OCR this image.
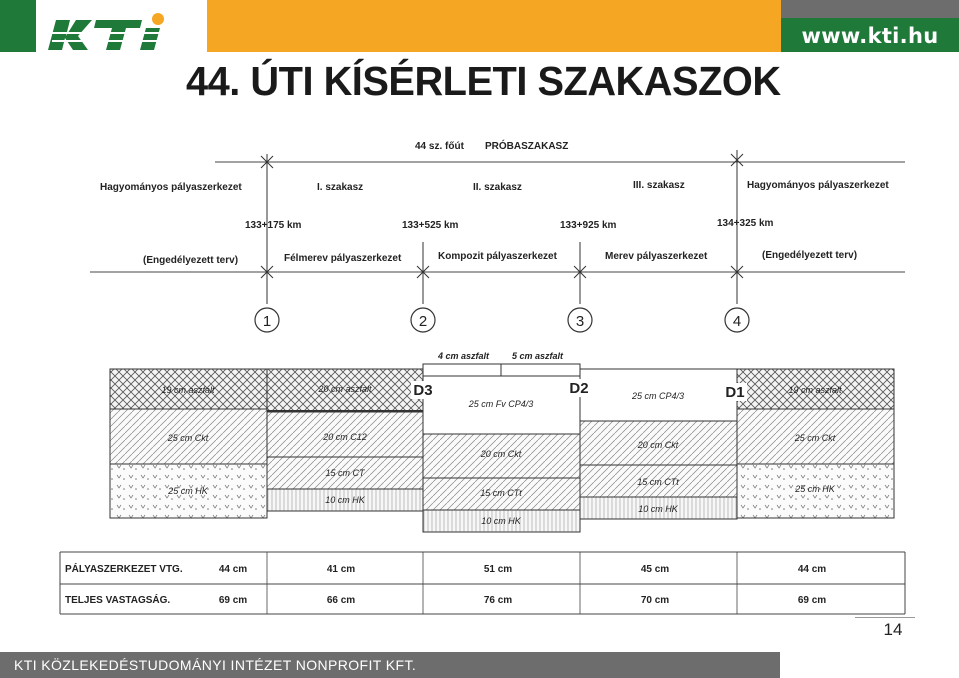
www.kti.hu
44. ÚTI KÍSÉRLETI SZAKASZOK
44 sz. főút PRÓBASZAKASZ
Hagyományos pályaszerkezet	I. szakasz	II. szakasz	III. szakasz	Hagyományos pályaszerkezet
133+175 km	133+525 km	133+925 km	134+325 km
(Engedélyezett terv)	Félmerev pályaszerkezet	Kompozit pályaszerkezet	Merev pályaszerkezet	(Engedélyezett terv)
1	2	3	4
4 cm aszfalt	5 cm aszfalt
19 cm aszfalt
25 cm Ckt
25 cm HK
20 cm aszfalt
20 cm C12
15 cm CT
10 cm HK
25 cm Fv CP4/3
20 cm Ckt
15 cm CTt
10 cm HK
25 cm CP4/3
20 cm Ckt
15 cm CTt
10 cm HK
19 cm aszfalt
25 cm Ckt
25 cm HK
D3	D2	D1
PÁLYASZERKEZET VTG.	44 cm	41 cm	51 cm	45 cm	44 cm
TELJES VASTAGSÁG.	69 cm	66 cm	76 cm	70 cm	69 cm
14
KTI KÖZLEKEDÉSTUDOMÁNYI INTÉZET NONPROFIT KFT.
